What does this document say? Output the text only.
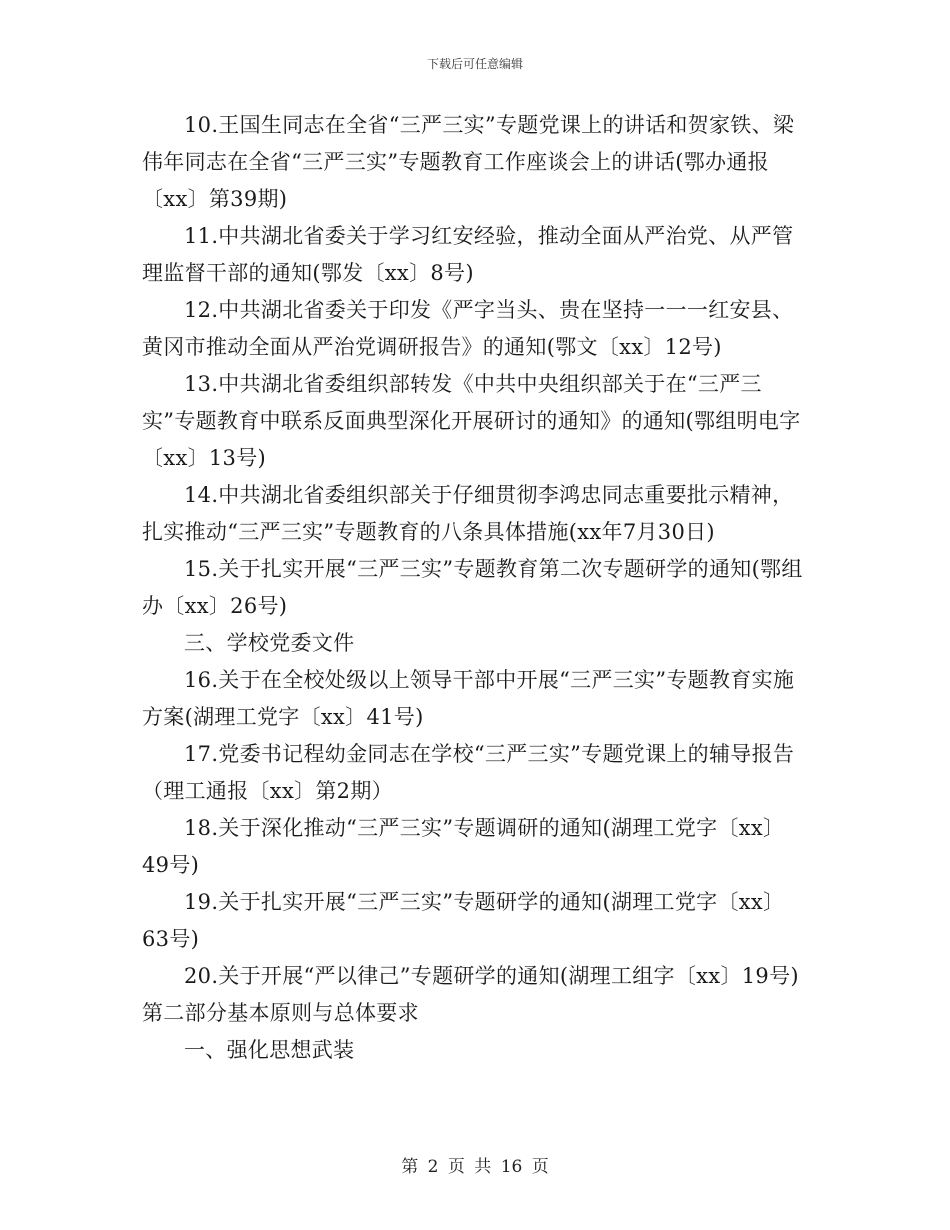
下载后可任意编辑

10.王国生同志在全省“三严三实”专题党课上的讲话和贺家铁、梁伟年同志在全省“三严三实”专题教育工作座谈会上的讲话(鄂办通报〔xx〕第39期)

11.中共湖北省委关于学习红安经验，推动全面从严治党、从严管理监督干部的通知(鄂发〔xx〕8号)

12.中共湖北省委关于印发《严字当头、贵在坚持一一一红安县、黄冈市推动全面从严治党调研报告》的通知(鄂文〔xx〕12号)

13.中共湖北省委组织部转发《中共中央组织部关于在“三严三实”专题教育中联系反面典型深化开展研讨的通知》的通知(鄂组明电字〔xx〕13号)

14.中共湖北省委组织部关于仔细贯彻李鸿忠同志重要批示精神，扎实推动“三严三实”专题教育的八条具体措施(xx年7月30日)

15.关于扎实开展“三严三实”专题教育第二次专题研学的通知(鄂组办〔xx〕26号)

三、学校党委文件

16.关于在全校处级以上领导干部中开展“三严三实”专题教育实施方案(湖理工党字〔xx〕41号)

17.党委书记程幼金同志在学校“三严三实”专题党课上的辅导报告（理工通报〔xx〕第2期）

18.关于深化推动“三严三实”专题调研的通知(湖理工党字〔xx〕49号)

19.关于扎实开展“三严三实”专题研学的通知(湖理工党字〔xx〕63号)

20.关于开展“严以律己”专题研学的通知(湖理工组字〔xx〕19号)第二部分基本原则与总体要求

一、强化思想武装

第 2 页 共 16 页
